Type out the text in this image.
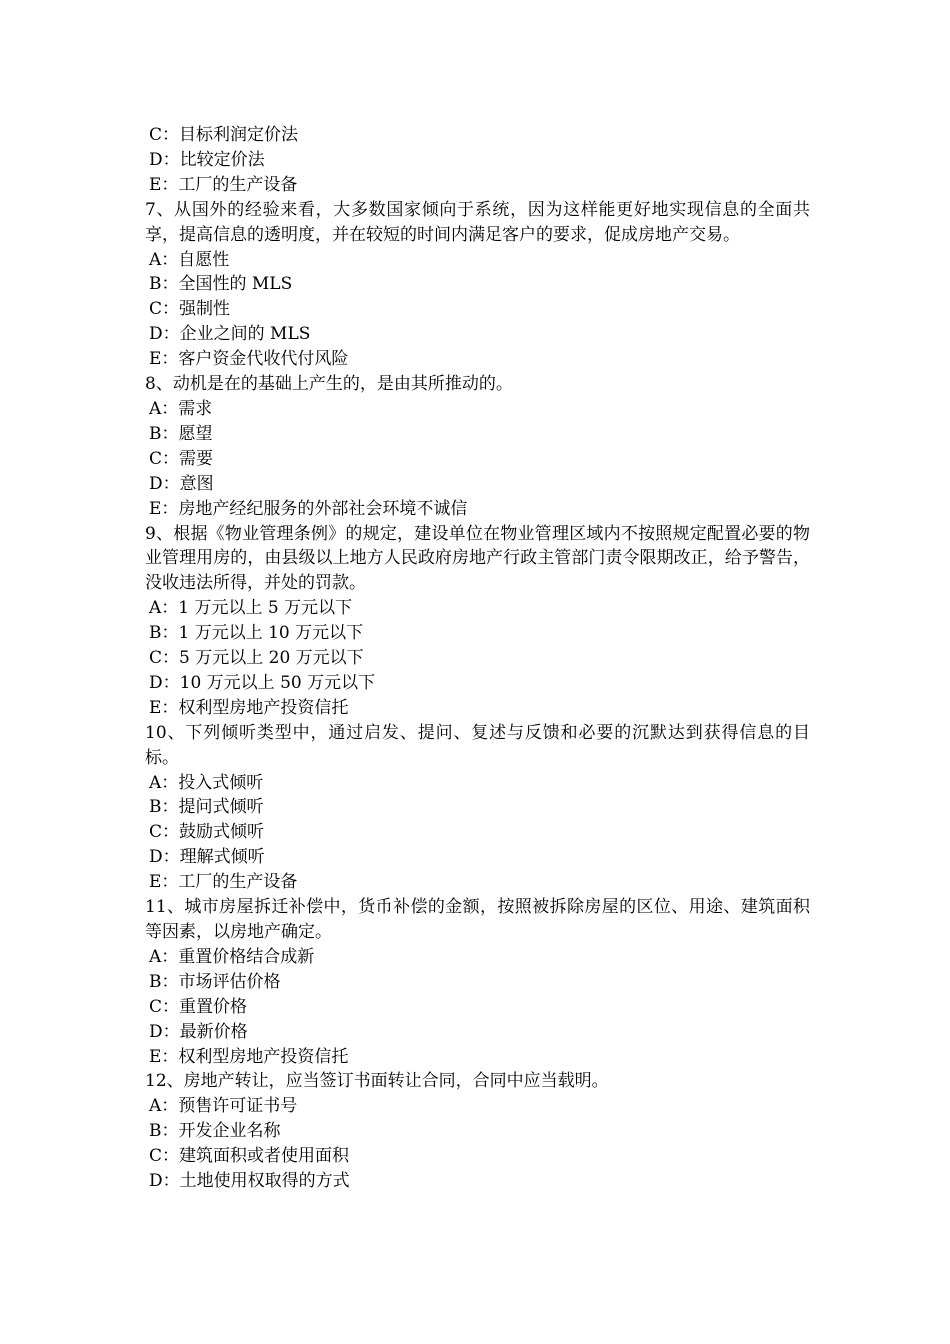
C：目标利润定价法

D：比较定价法

E：工厂的生产设备

7、从国外的经验来看，大多数国家倾向于系统，因为这样能更好地实现信息的全面共享，提高信息的透明度，并在较短的时间内满足客户的要求，促成房地产交易。

A：自愿性

B：全国性的 MLS

C：强制性

D：企业之间的 MLS

E：客户资金代收代付风险

8、动机是在的基础上产生的，是由其所推动的。

A：需求

B：愿望

C：需要

D：意图

E：房地产经纪服务的外部社会环境不诚信

9、根据《物业管理条例》的规定，建设单位在物业管理区域内不按照规定配置必要的物业管理用房的，由县级以上地方人民政府房地产行政主管部门责令限期改正，给予警告，没收违法所得，并处的罚款。

A：1 万元以上 5 万元以下

B：1 万元以上 10 万元以下

C：5 万元以上 20 万元以下

D：10 万元以上 50 万元以下

E：权利型房地产投资信托

10、下列倾听类型中，通过启发、提问、复述与反馈和必要的沉默达到获得信息的目标。

A：投入式倾听

B：提问式倾听

C：鼓励式倾听

D：理解式倾听

E：工厂的生产设备

11、城市房屋拆迁补偿中，货币补偿的金额，按照被拆除房屋的区位、用途、建筑面积等因素，以房地产确定。

A：重置价格结合成新

B：市场评估价格

C：重置价格

D：最新价格

E：权利型房地产投资信托

12、房地产转让，应当签订书面转让合同，合同中应当载明。

A：预售许可证书号

B：开发企业名称

C：建筑面积或者使用面积

D：土地使用权取得的方式
